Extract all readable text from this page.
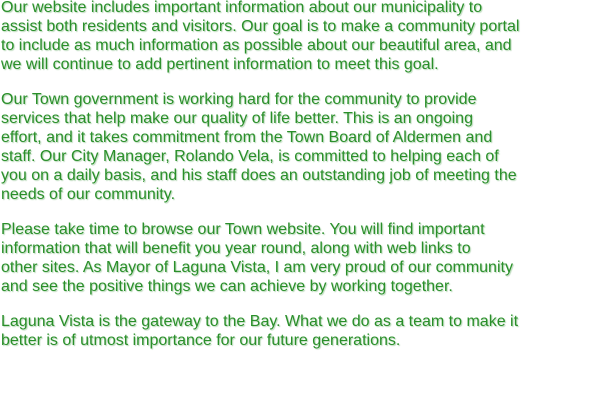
Our website includes important information about our municipality to
assist both residents and visitors. Our goal is to make a community portal
to include as much information as possible about our beautiful area, and
we will continue to add pertinent information to meet this goal.

Our Town government is working hard for the community to provide
services that help make our quality of life better. This is an ongoing
effort, and it takes commitment from the Town Board of Aldermen and
staff. Our City Manager, Rolando Vela, is committed to helping each of
you on a daily basis, and his staff does an outstanding job of meeting the
needs of our community.

Please take time to browse our Town website. You will find important
information that will benefit you year round, along with web links to
other sites. As Mayor of Laguna Vista, I am very proud of our community
and see the positive things we can achieve by working together.

Laguna Vista is the gateway to the Bay. What we do as a team to make it
better is of utmost importance for our future generations.
